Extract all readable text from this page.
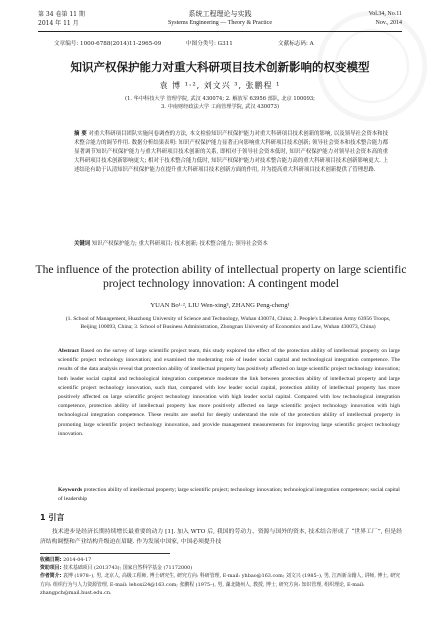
第 34 卷第 11 期
2014 年 11 月
系统工程理论与实践
Systems Engineering — Theory & Practice
Vol.34, No.11
Nov., 2014
文章编号: 1000-6788(2014)11-2965-09	中图分类号: G311	文献标志码: A
知识产权保护能力对重大科研项目技术创新影响的权变模型
袁 博 ¹·², 刘文兴 ³, 张鹏程 ¹
(1. 华中科技大学 管理学院, 武汉 430074; 2. 解放军 63956 部队, 北京 100093;
3. 中南财经政法大学 工商管理学院, 武汉 430073)
摘 要 对重大科研项目团队实施问卷调查的方法, 本文检验知识产权保护能力对重大科研项目技术创新的影响, 以及领导社会资本和技术整合能力的调节作用. 数据分析结果表明: 知识产权保护能力显著正向影响重大科研项目技术创新; 领导社会资本和技术整合能力都显著调节知识产权保护能力与重大科研项目技术创新的关系, 即相对于领导社会资本低时, 知识产权保护能力对领导社会资本高的重大科研项目技术创新影响更大; 相对于技术整合能力低时, 知识产权保护能力对技术整合能力高的重大科研项目技术创新影响更大. 上述结论有助于认清知识产权保护能力在提升重大科研项目技术创新方面的作用, 并为提高重大科研项目技术创新提供了管理思路.
关键词 知识产权保护能力; 重大科研项目; 技术创新; 技术整合能力; 领导社会资本
The influence of the protection ability of intellectual property on large scientific project technology innovation: A contingent model
YUAN Bo¹·², LIU Wen-xing³, ZHANG Peng-cheng¹
(1. School of Management, Huazhong University of Science and Technology, Wuhan 430074, China; 2. People's Liberation Army 63956 Troops, Beijing 100093, China; 3. School of Business Administration, Zhongnan University of Economics and Law, Wuhan 430073, China)
Abstract Based on the survey of large scientific project team, this study explored the effect of the protection ability of intellectual property on large scientific project technology innovation; and examined the moderating role of leader social capital and technological integration competence. The results of the data analysis reveal that protection ability of intellectual property has positively affected on large scientific project technology innovation; both leader social capital and technological integration competence moderate the link between protection ability of intellectual property and large scientific project technology innovation, such that, compared with low leader social capital, protection ability of intellectual property has more positively affected on large scientific project technology innovation with high leader social capital. Compared with low technological integration competence, protection ability of intellectual property has more positively affected on large scientific project technology innovation with high technological integration competence. These results are useful for deeply understand the role of the protection ability of intellectual property in promoting large scientific project technology innovation, and provide management measurements for improving large scientific project technology innovation.
Keywords protection ability of intellectual property; large scientific project; technology innovation; technological integration competence; social capital of leadership
1 引言
技术进步是经济长期持续增长最重要的动力 [1]. 加入 WTO 后, 我国的劳动力、资源与国外的资本, 技术结合形成了 “世界工厂”, 但是经济结构调整和产业结构升级迫在眉睫. 作为发展中国家, 中国必须提升技
收稿日期: 2014-04-17
资助项目: 技术基础项目 (2013743); 国家自然科学基金 (71172000)
作者简介: 袁博 (1978–), 男, 北京人, 高级工程师, 博士研究生, 研究方向: 科研管理, E-mail: yhbao@163.com; 刘文兴 (1985–), 男, 江西新余籍人, 讲师, 博士, 研究方向: 组织行为与人力资源管理, E-mail: lehoxi24@163.com; 张鹏程 (1975–), 男, 湖北随州人, 教授, 博士, 研究方向: 知识管理, 组织理论, E-mail: zhangpch@mail.hust.edu.cn.
